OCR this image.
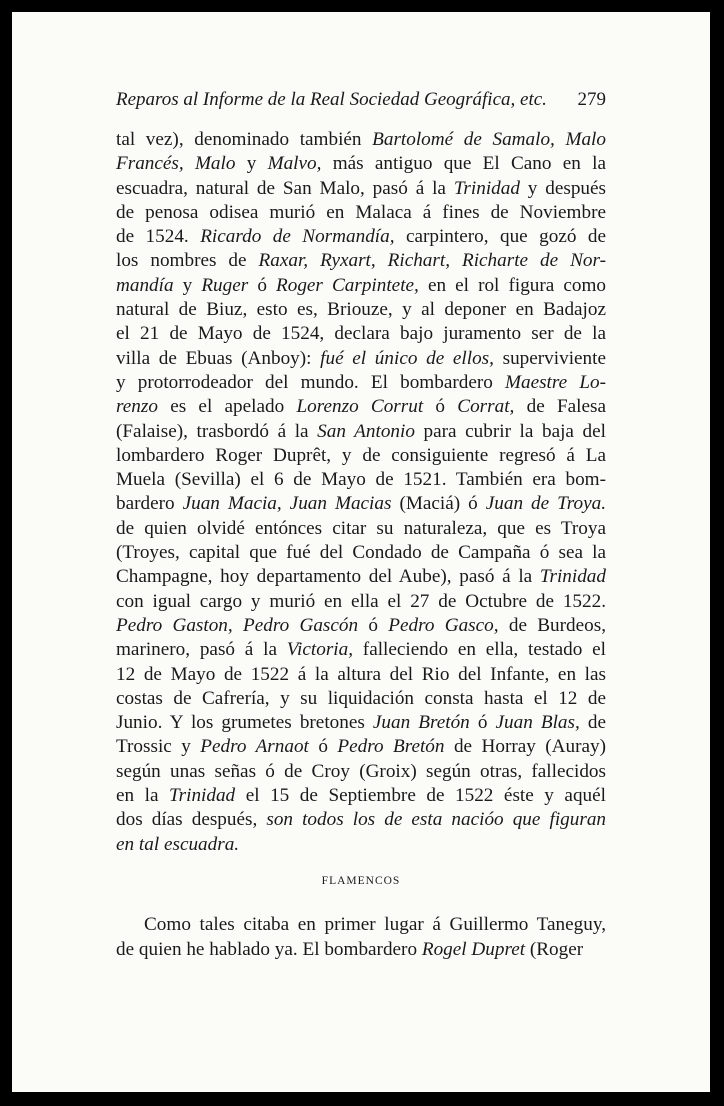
Reparos al Informe de la Real Sociedad Geográfica, etc. 279
tal vez), denominado también Bartolomé de Samalo, Malo
Francés, Malo y Malvo, más antiguo que El Cano en la
escuadra, natural de San Malo, pasó á la Trinidad y después
de penosa odisea murió en Malaca á fines de Noviembre
de 1524. Ricardo de Normandía, carpintero, que gozó de
los nombres de Raxar, Ryxart, Richart, Richarte de Nor-
mandía y Ruger ó Roger Carpintete, en el rol figura como
natural de Biuz, esto es, Briouze, y al deponer en Badajoz
el 21 de Mayo de 1524, declara bajo juramento ser de la
villa de Ebuas (Anboy): fué el único de ellos, superviviente
y protorrodeador del mundo. El bombardero Maestre Lo-
renzo es el apelado Lorenzo Corrut ó Corrat, de Falesa
(Falaise), trasbordó á la San Antonio para cubrir la baja del
lombardero Roger Duprêt, y de consiguiente regresó á La
Muela (Sevilla) el 6 de Mayo de 1521. También era bom-
bardero Juan Macia, Juan Macias (Maciá) ó Juan de Troya.
de quien olvidé entónces citar su naturaleza, que es Troya
(Troyes, capital que fué del Condado de Campaña ó sea la
Champagne, hoy departamento del Aube), pasó á la Trinidad
con igual cargo y murió en ella el 27 de Octubre de 1522.
Pedro Gaston, Pedro Gascón ó Pedro Gasco, de Burdeos,
marinero, pasó á la Victoria, falleciendo en ella, testado el
12 de Mayo de 1522 á la altura del Rio del Infante, en las
costas de Cafrería, y su liquidación consta hasta el 12 de
Junio. Y los grumetes bretones Juan Bretón ó Juan Blas, de
Trossic y Pedro Arnaot ó Pedro Bretón de Horray (Auray)
según unas señas ó de Croy (Groix) según otras, fallecidos
en la Trinidad el 15 de Septiembre de 1522 éste y aquél
dos días después, son todos los de esta nacióo que figuran
en tal escuadra.
FLAMENCOS
Como tales citaba en primer lugar á Guillermo Taneguy,
de quien he hablado ya. El bombardero Rogel Dupret (Roger
